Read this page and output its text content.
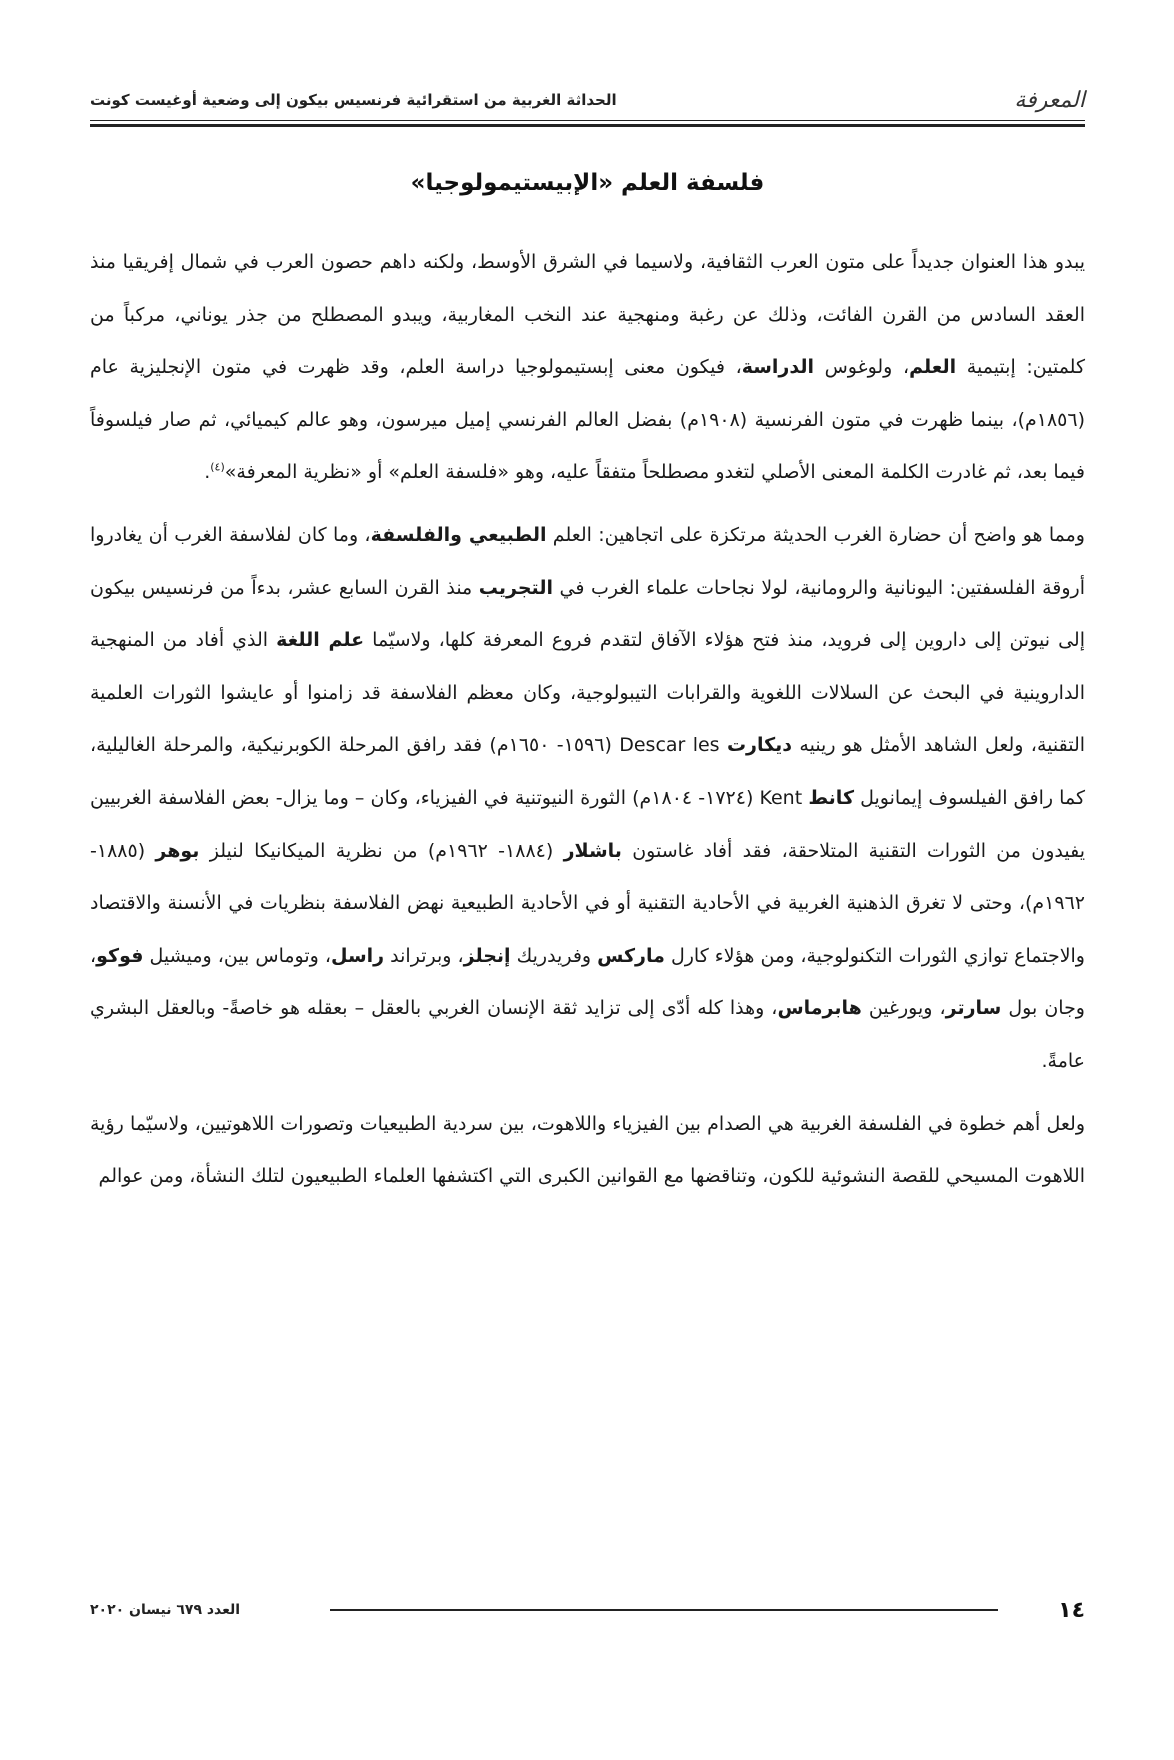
المعرفة
الحداثة الغربية من استقرائية فرنسيس بيكون إلى وضعية أوغيست كونت
فلسفة العلم «الإبيستيمولوجيا»

يبدو هذا العنوان جديداً على متون العرب الثقافية، ولاسيما في الشرق الأوسط، ولكنه داهم حصون العرب في شمال إفريقيا منذ العقد السادس من القرن الفائت، وذلك عن رغبة ومنهجية عند النخب المغاربية، ويبدو المصطلح من جذر يوناني، مركباً من كلمتين: إبتيمية العلم، ولوغوس الدراسة، فيكون معنى إبستيمولوجيا دراسة العلم، وقد ظهرت في متون الإنجليزية عام (١٨٥٦م)، بينما ظهرت في متون الفرنسية (١٩٠٨م) بفضل العالم الفرنسي إميل ميرسون، وهو عالم كيميائي، ثم صار فيلسوفاً فيما بعد، ثم غادرت الكلمة المعنى الأصلي لتغدو مصطلحاً متفقاً عليه، وهو «فلسفة العلم» أو «نظرية المعرفة»$^{(٤)}$.

ومما هو واضح أن حضارة الغرب الحديثة مرتكزة على اتجاهين: العلم الطبيعي والفلسفة، وما كان لفلاسفة الغرب أن يغادروا أروقة الفلسفتين: اليونانية والرومانية، لولا نجاحات علماء الغرب في التجريب منذ القرن السابع عشر، بدءاً من فرنسيس بيكون إلى نيوتن إلى داروين إلى فرويد، منذ فتح هؤلاء الآفاق لتقدم فروع المعرفة كلها، ولاسيّما علم اللغة الذي أفاد من المنهجية الداروينية في البحث عن السلالات اللغوية والقرابات التيبولوجية، وكان معظم الفلاسفة قد زامنوا أو عايشوا الثورات العلمية التقنية، ولعل الشاهد الأمثل هو رينيه ديكارت Descar les (١٥٩٦- ١٦٥٠م) فقد رافق المرحلة الكوبرنيكية، والمرحلة الغاليلية، كما رافق الفيلسوف إيمانويل كانط Kent (١٧٢٤- ١٨٠٤م) الثورة النيوتنية في الفيزياء، وكان – وما يزال- بعض الفلاسفة الغربيين يفيدون من الثورات التقنية المتلاحقة، فقد أفاد غاستون باشلار (١٨٨٤- ١٩٦٢م) من نظرية الميكانيكا لنيلز بوهر (١٨٨٥- ١٩٦٢م)، وحتى لا تغرق الذهنية الغربية في الأحادية التقنية أو في الأحادية الطبيعية نهض الفلاسفة بنظريات في الأنسنة والاقتصاد والاجتماع توازي الثورات التكنولوجية، ومن هؤلاء كارل ماركس وفريدريك إنجلز، وبرتراند راسل، وتوماس بين، وميشيل فوكو، وجان بول سارتر، ويورغين هابرماس، وهذا كله أدّى إلى تزايد ثقة الإنسان الغربي بالعقل – بعقله هو خاصةً- وبالعقل البشري عامةً.

ولعل أهم خطوة في الفلسفة الغربية هي الصدام بين الفيزياء واللاهوت، بين سردية الطبيعيات وتصورات اللاهوتيين، ولاسيّما رؤية اللاهوت المسيحي للقصة النشوئية للكون، وتناقضها مع القوانين الكبرى التي اكتشفها العلماء الطبيعيون لتلك النشأة، ومن عوالم

١٤
العدد ٦٧٩ نيسان ٢٠٢٠
